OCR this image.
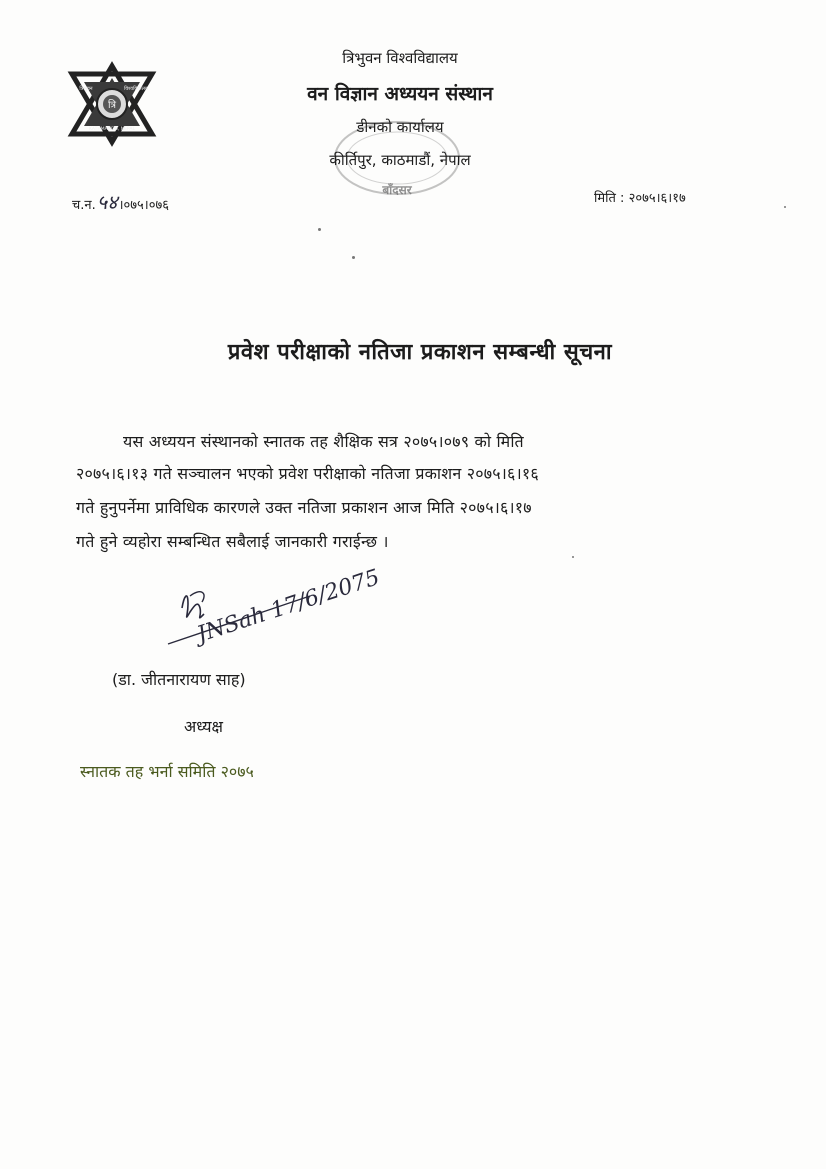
त्रि
त्रिभुवन	विश्वविद्यालय
KATHMANDU, NEPAL
बाँदसर
त्रिभुवन विश्वविद्यालय
वन विज्ञान अध्ययन संस्थान
डीनको कार्यालय
कीर्तिपुर, काठमाडौं, नेपाल
च.न.५४।०७५।०७६	मिति : २०७५।६।१७
प्रवेश परीक्षाको नतिजा प्रकाशन सम्बन्धी सूचना
यस अध्ययन संस्थानको स्नातक तह शैक्षिक सत्र २०७५।०७९ को मिति
२०७५।६।१३ गते सञ्चालन भएको प्रवेश परीक्षाको नतिजा प्रकाशन २०७५।६।१६
गते हुनुपर्नेमा प्राविधिक कारणले उक्त नतिजा प्रकाशन आज मिति २०७५।६।१७
गते हुने व्यहोरा सम्बन्धित सबैलाई जानकारी गराईन्छ ।
JNSah 17/6/2075
(डा. जीतनारायण साह)
अध्यक्ष
स्नातक तह भर्ना समिति २०७५
